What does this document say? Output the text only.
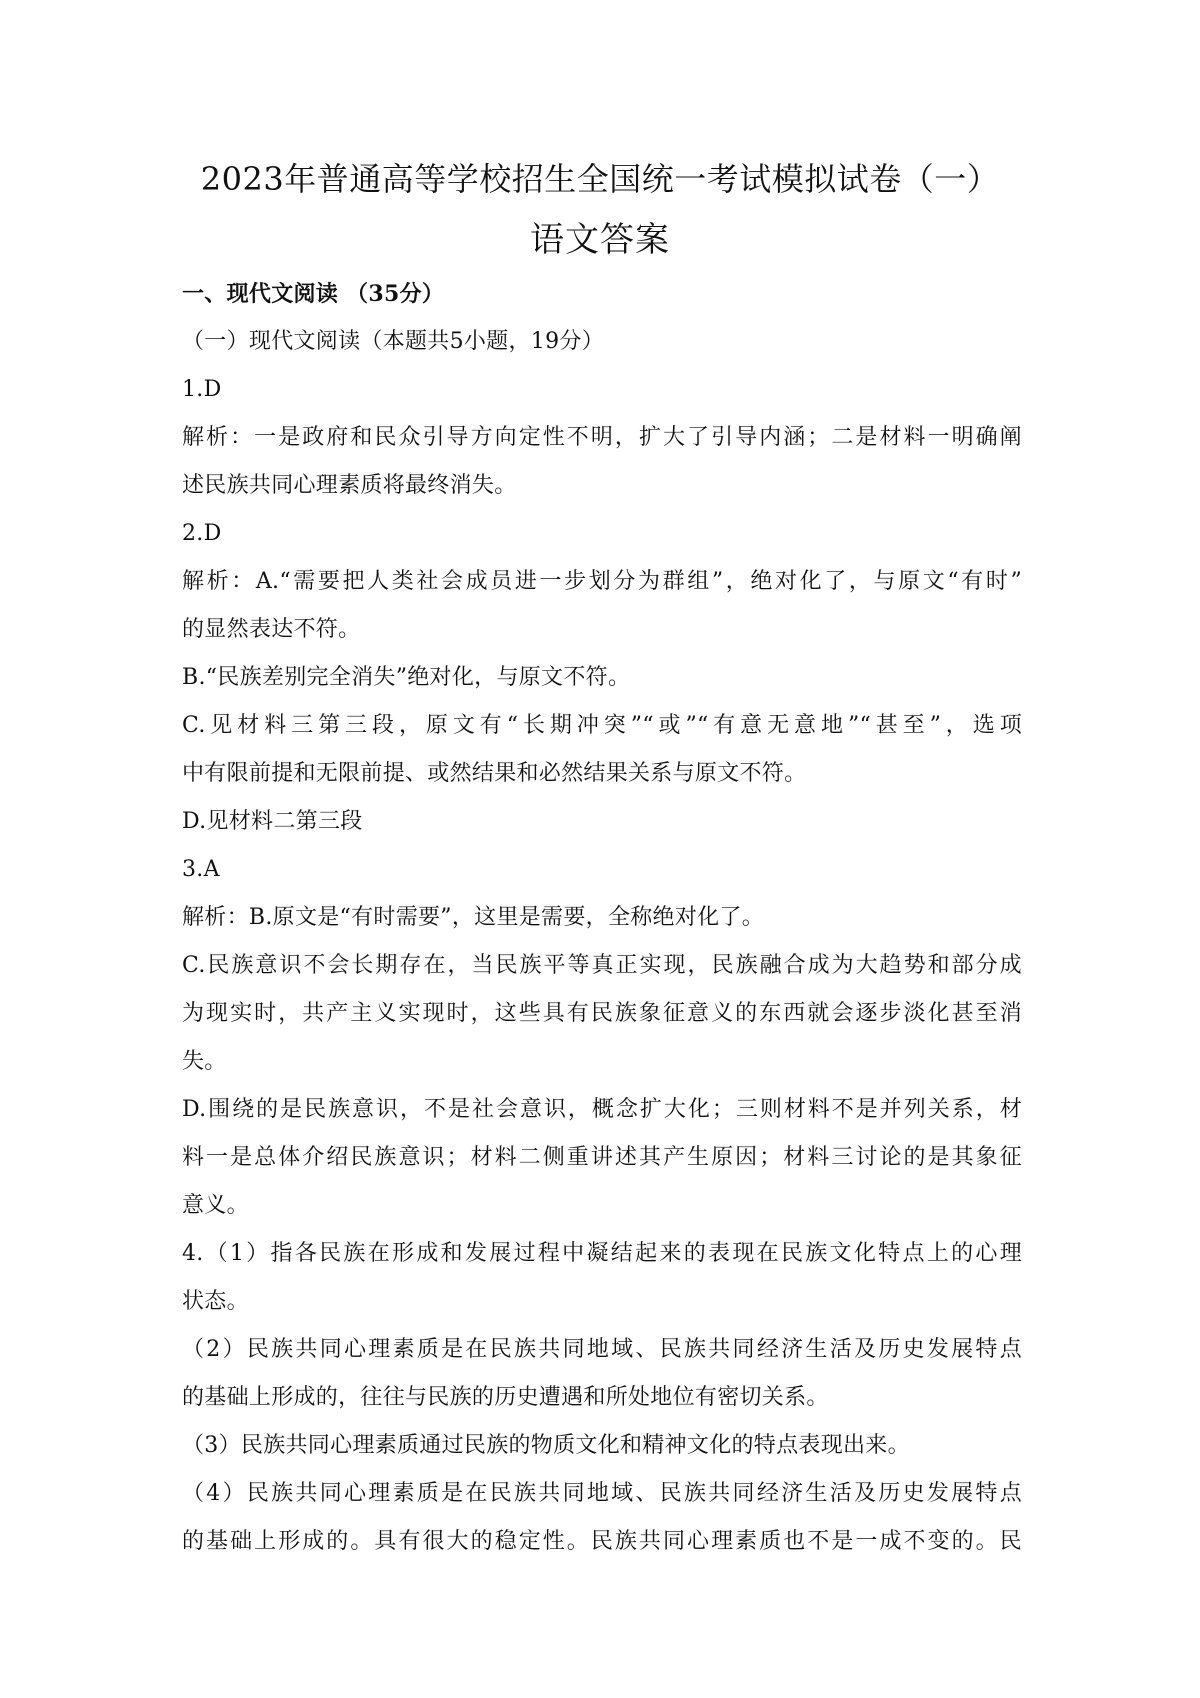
2023年普通高等学校招生全国统一考试模拟试卷（一）
语文答案
一、现代文阅读 （35分）
（一）现代文阅读（本题共5小题，19分）
1.D
解析：一是政府和民众引导方向定性不明，扩大了引导内涵；二是材料一明确阐
述民族共同心理素质将最终消失。
2.D
解析：A.“需要把人类社会成员进一步划分为群组”，绝对化了，与原文“有时”
的显然表达不符。
B.“民族差别完全消失”绝对化，与原文不符。
C.见材料三第三段，原文有“长期冲突”“或”“有意无意地”“甚至”，选项
中有限前提和无限前提、或然结果和必然结果关系与原文不符。
D.见材料二第三段
3.A
解析：B.原文是“有时需要”，这里是需要，全称绝对化了。
C.民族意识不会长期存在，当民族平等真正实现，民族融合成为大趋势和部分成
为现实时，共产主义实现时，这些具有民族象征意义的东西就会逐步淡化甚至消
失。
D.围绕的是民族意识，不是社会意识，概念扩大化；三则材料不是并列关系，材
料一是总体介绍民族意识；材料二侧重讲述其产生原因；材料三讨论的是其象征
意义。
4.（1）指各民族在形成和发展过程中凝结起来的表现在民族文化特点上的心理
状态。
（2）民族共同心理素质是在民族共同地域、民族共同经济生活及历史发展特点
的基础上形成的，往往与民族的历史遭遇和所处地位有密切关系。
（3）民族共同心理素质通过民族的物质文化和精神文化的特点表现出来。
（4）民族共同心理素质是在民族共同地域、民族共同经济生活及历史发展特点
的基础上形成的。具有很大的稳定性。民族共同心理素质也不是一成不变的。民
